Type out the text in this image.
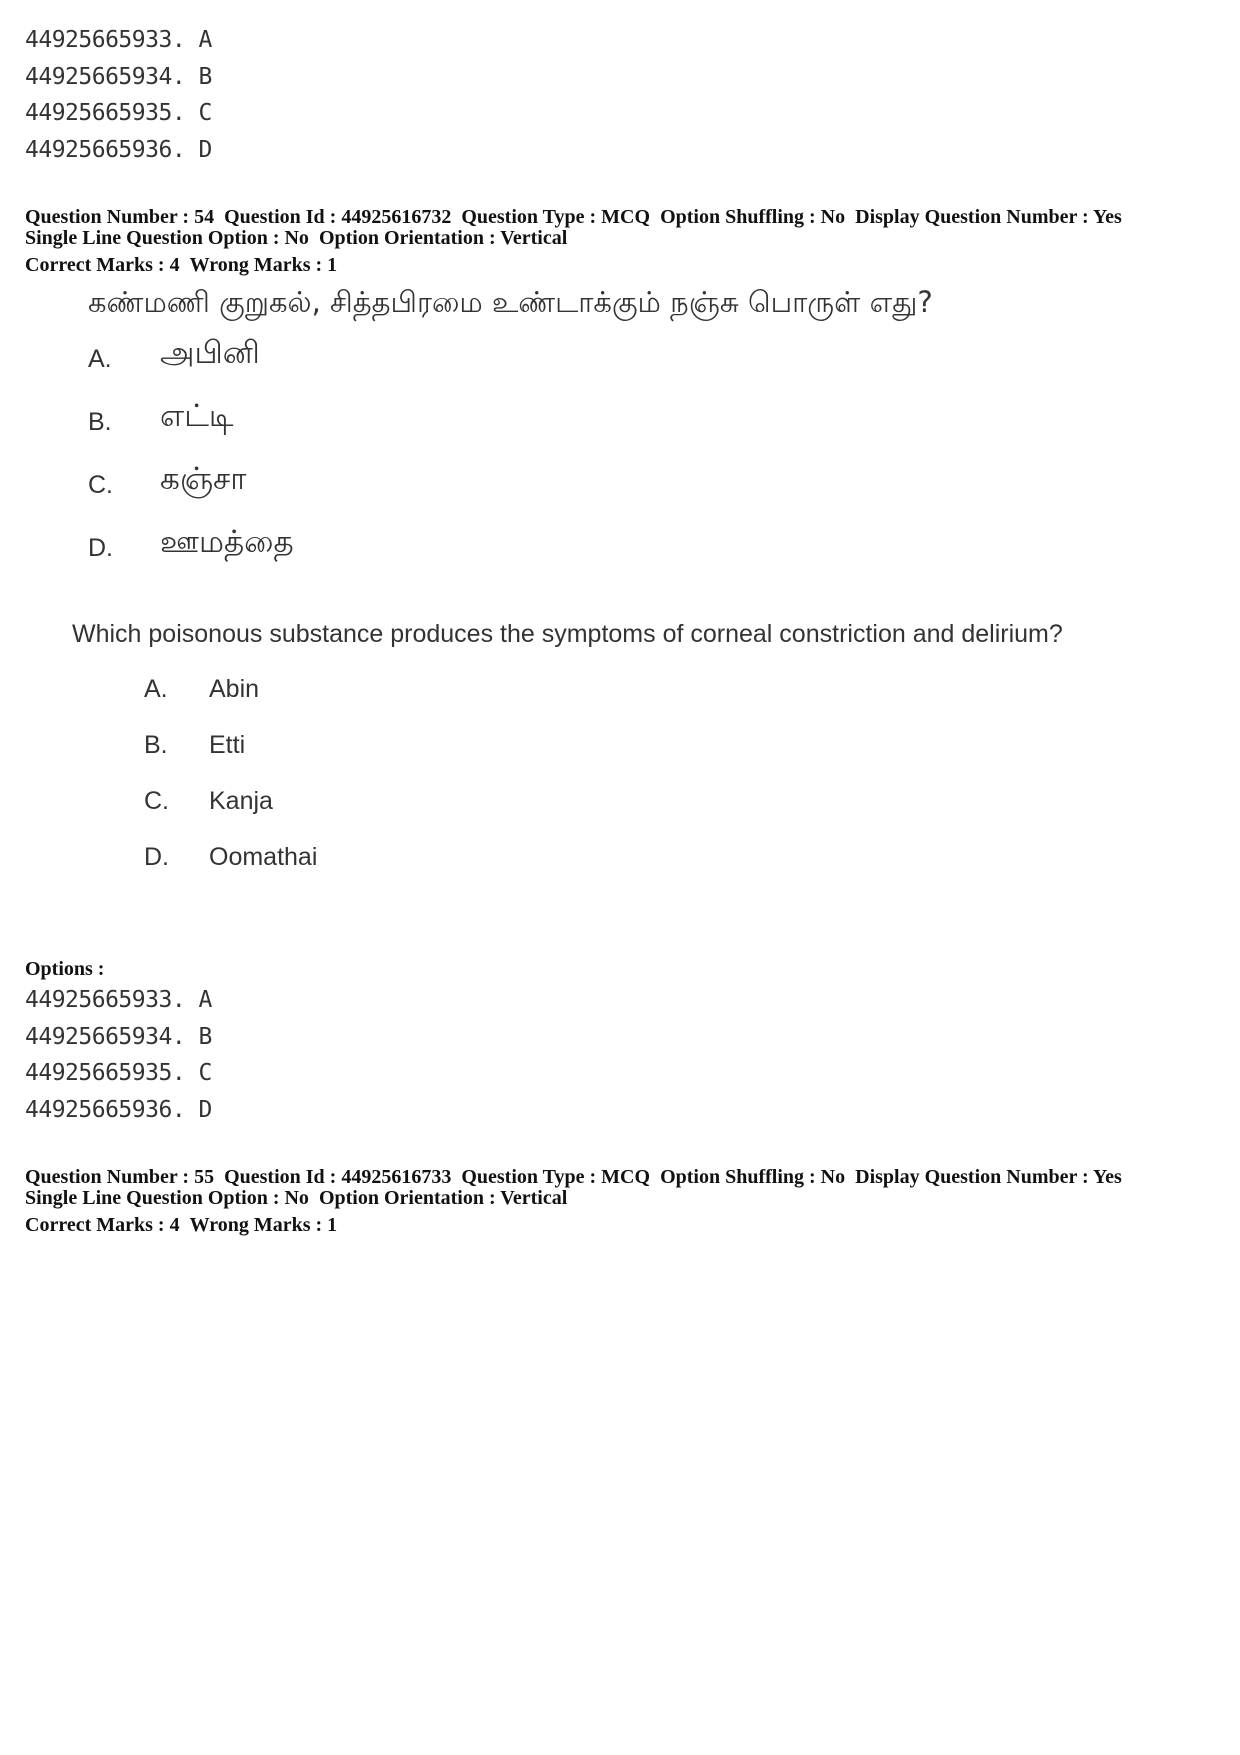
44925665933. A
44925665934. B
44925665935. C
44925665936. D
Question Number : 54 Question Id : 44925616732 Question Type : MCQ Option Shuffling : No Display Question Number : Yes
Single Line Question Option : No Option Orientation : Vertical
Correct Marks : 4 Wrong Marks : 1
கண்மணி குறுகல், சித்தபிரமை உண்டாக்கும் நஞ்சு பொருள் எது?
A. அபினி
B. எட்டி
C. கஞ்சா
D. ஊமத்தை
Which poisonous substance produces the symptoms of corneal constriction and delirium?
A. Abin
B. Etti
C. Kanja
D. Oomathai
Options :
44925665933. A
44925665934. B
44925665935. C
44925665936. D
Question Number : 55 Question Id : 44925616733 Question Type : MCQ Option Shuffling : No Display Question Number : Yes
Single Line Question Option : No Option Orientation : Vertical
Correct Marks : 4 Wrong Marks : 1
